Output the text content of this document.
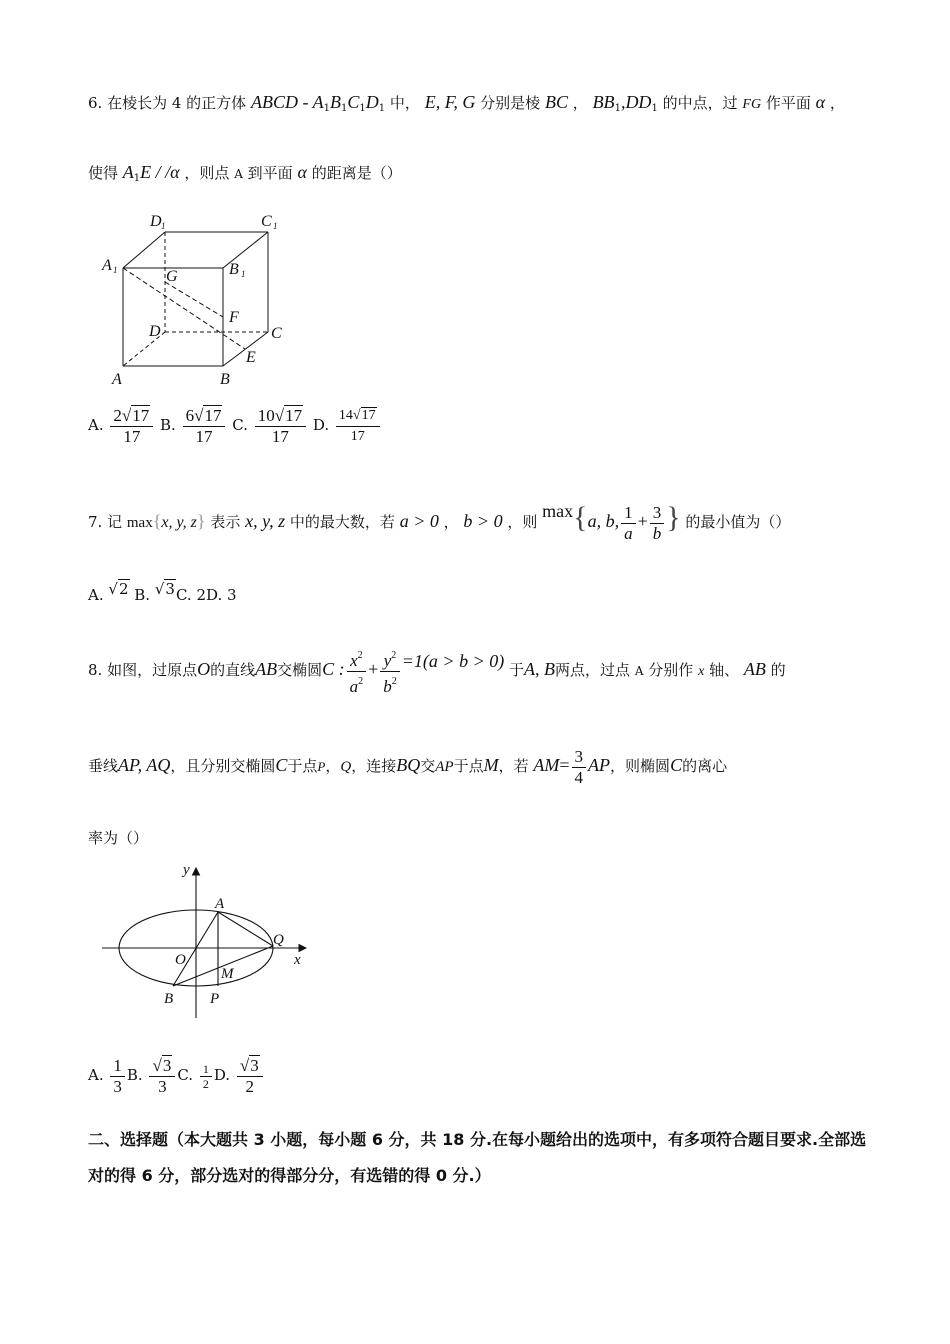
6. 在棱长为 4 的正方体 ABCD - $A_1B_1C_1D_1$ 中， E, F, G 分别是棱 BC ， $BB_1,DD_1$ 的中点，过 FG 作平面 α ，
使得 $A_1E / /\alpha$ ，则点 A 到平面 α 的距离是（）
D 1	C 1
A 1	G	B 1
F
D	C
E
A	B
A. $\frac{2√17}{17} B$. $\frac{6√17}{17} C$. $\frac{10√17}{17} D$. $\frac{14√17}{17}$
7. 记 max{x, y, z} 表示 x, y, z 中的最大数，若 a > 0 ， b > 0 ，则 max{a, b, $\frac{1}{a} + \frac{3}{b}$ } 的最小值为（）
A. √2 B. √3C. 2D. 3
8. 如图，过原点O的直线AB交椭圆C : $\frac{x^2}{a^2} + \frac{y^2}{b^2} =1(a > b > 0)$ 于A, B两点，过点 A 分别作 x 轴、 AB 的
垂线AP, AQ，且分别交椭圆C于点P，Q，连接BQ交AP于点M，若 $AM= \frac{3}{4}$ AP，则椭圆C的离心
率为（）
y
A
Q
O	x
M
B P
A. $\frac{1}{3} B$. $\frac{√3}{3} C$. $\frac{1}{2} D$. $\frac{√3}{2}$
二、选择题（本大题共 3 小题，每小题 6 分，共 18 分.在每小题给出的选项中，有多项符合题目要求.全部选对的得 6 分，部分选对的得部分分，有选错的得 0 分.）
